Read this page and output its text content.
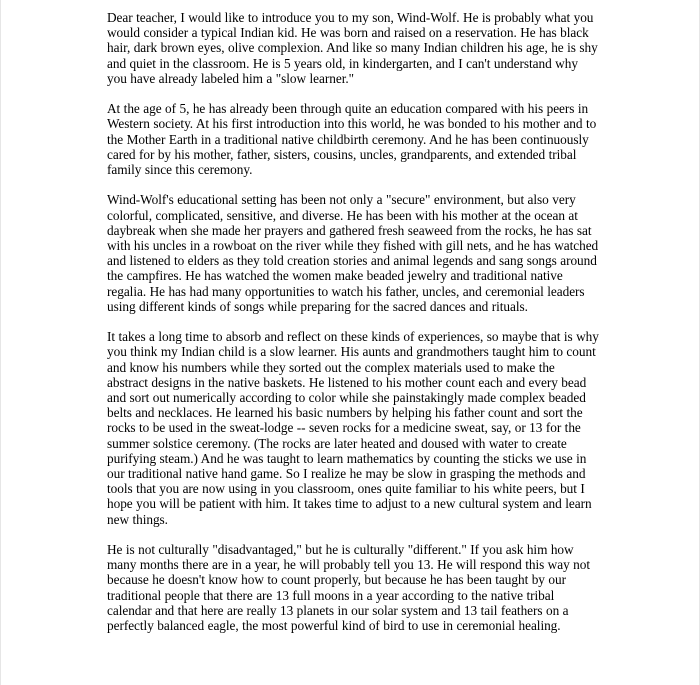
Dear teacher, I would like to introduce you to my son, Wind-Wolf. He is probably what you would consider a typical Indian kid. He was born and raised on a reservation. He has black hair, dark brown eyes, olive complexion. And like so many Indian children his age, he is shy and quiet in the classroom. He is 5 years old, in kindergarten, and I can't understand why you have already labeled him a "slow learner."

At the age of 5, he has already been through quite an education compared with his peers in Western society. At his first introduction into this world, he was bonded to his mother and to the Mother Earth in a traditional native childbirth ceremony. And he has been continuously cared for by his mother, father, sisters, cousins, uncles, grandparents, and extended tribal family since this ceremony.

Wind-Wolf's educational setting has been not only a "secure" environment, but also very colorful, complicated, sensitive, and diverse. He has been with his mother at the ocean at daybreak when she made her prayers and gathered fresh seaweed from the rocks, he has sat with his uncles in a rowboat on the river while they fished with gill nets, and he has watched and listened to elders as they told creation stories and animal legends and sang songs around the campfires. He has watched the women make beaded jewelry and traditional native regalia. He has had many opportunities to watch his father, uncles, and ceremonial leaders using different kinds of songs while preparing for the sacred dances and rituals.

It takes a long time to absorb and reflect on these kinds of experiences, so maybe that is why you think my Indian child is a slow learner. His aunts and grandmothers taught him to count and know his numbers while they sorted out the complex materials used to make the abstract designs in the native baskets. He listened to his mother count each and every bead and sort out numerically according to color while she painstakingly made complex beaded belts and necklaces. He learned his basic numbers by helping his father count and sort the rocks to be used in the sweat-lodge -- seven rocks for a medicine sweat, say, or 13 for the summer solstice ceremony. (The rocks are later heated and doused with water to create purifying steam.) And he was taught to learn mathematics by counting the sticks we use in our traditional native hand game. So I realize he may be slow in grasping the methods and tools that you are now using in you classroom, ones quite familiar to his white peers, but I hope you will be patient with him. It takes time to adjust to a new cultural system and learn new things.

He is not culturally "disadvantaged," but he is culturally "different." If you ask him how many months there are in a year, he will probably tell you 13. He will respond this way not because he doesn't know how to count properly, but because he has been taught by our traditional people that there are 13 full moons in a year according to the native tribal calendar and that here are really 13 planets in our solar system and 13 tail feathers on a perfectly balanced eagle, the most powerful kind of bird to use in ceremonial healing.
